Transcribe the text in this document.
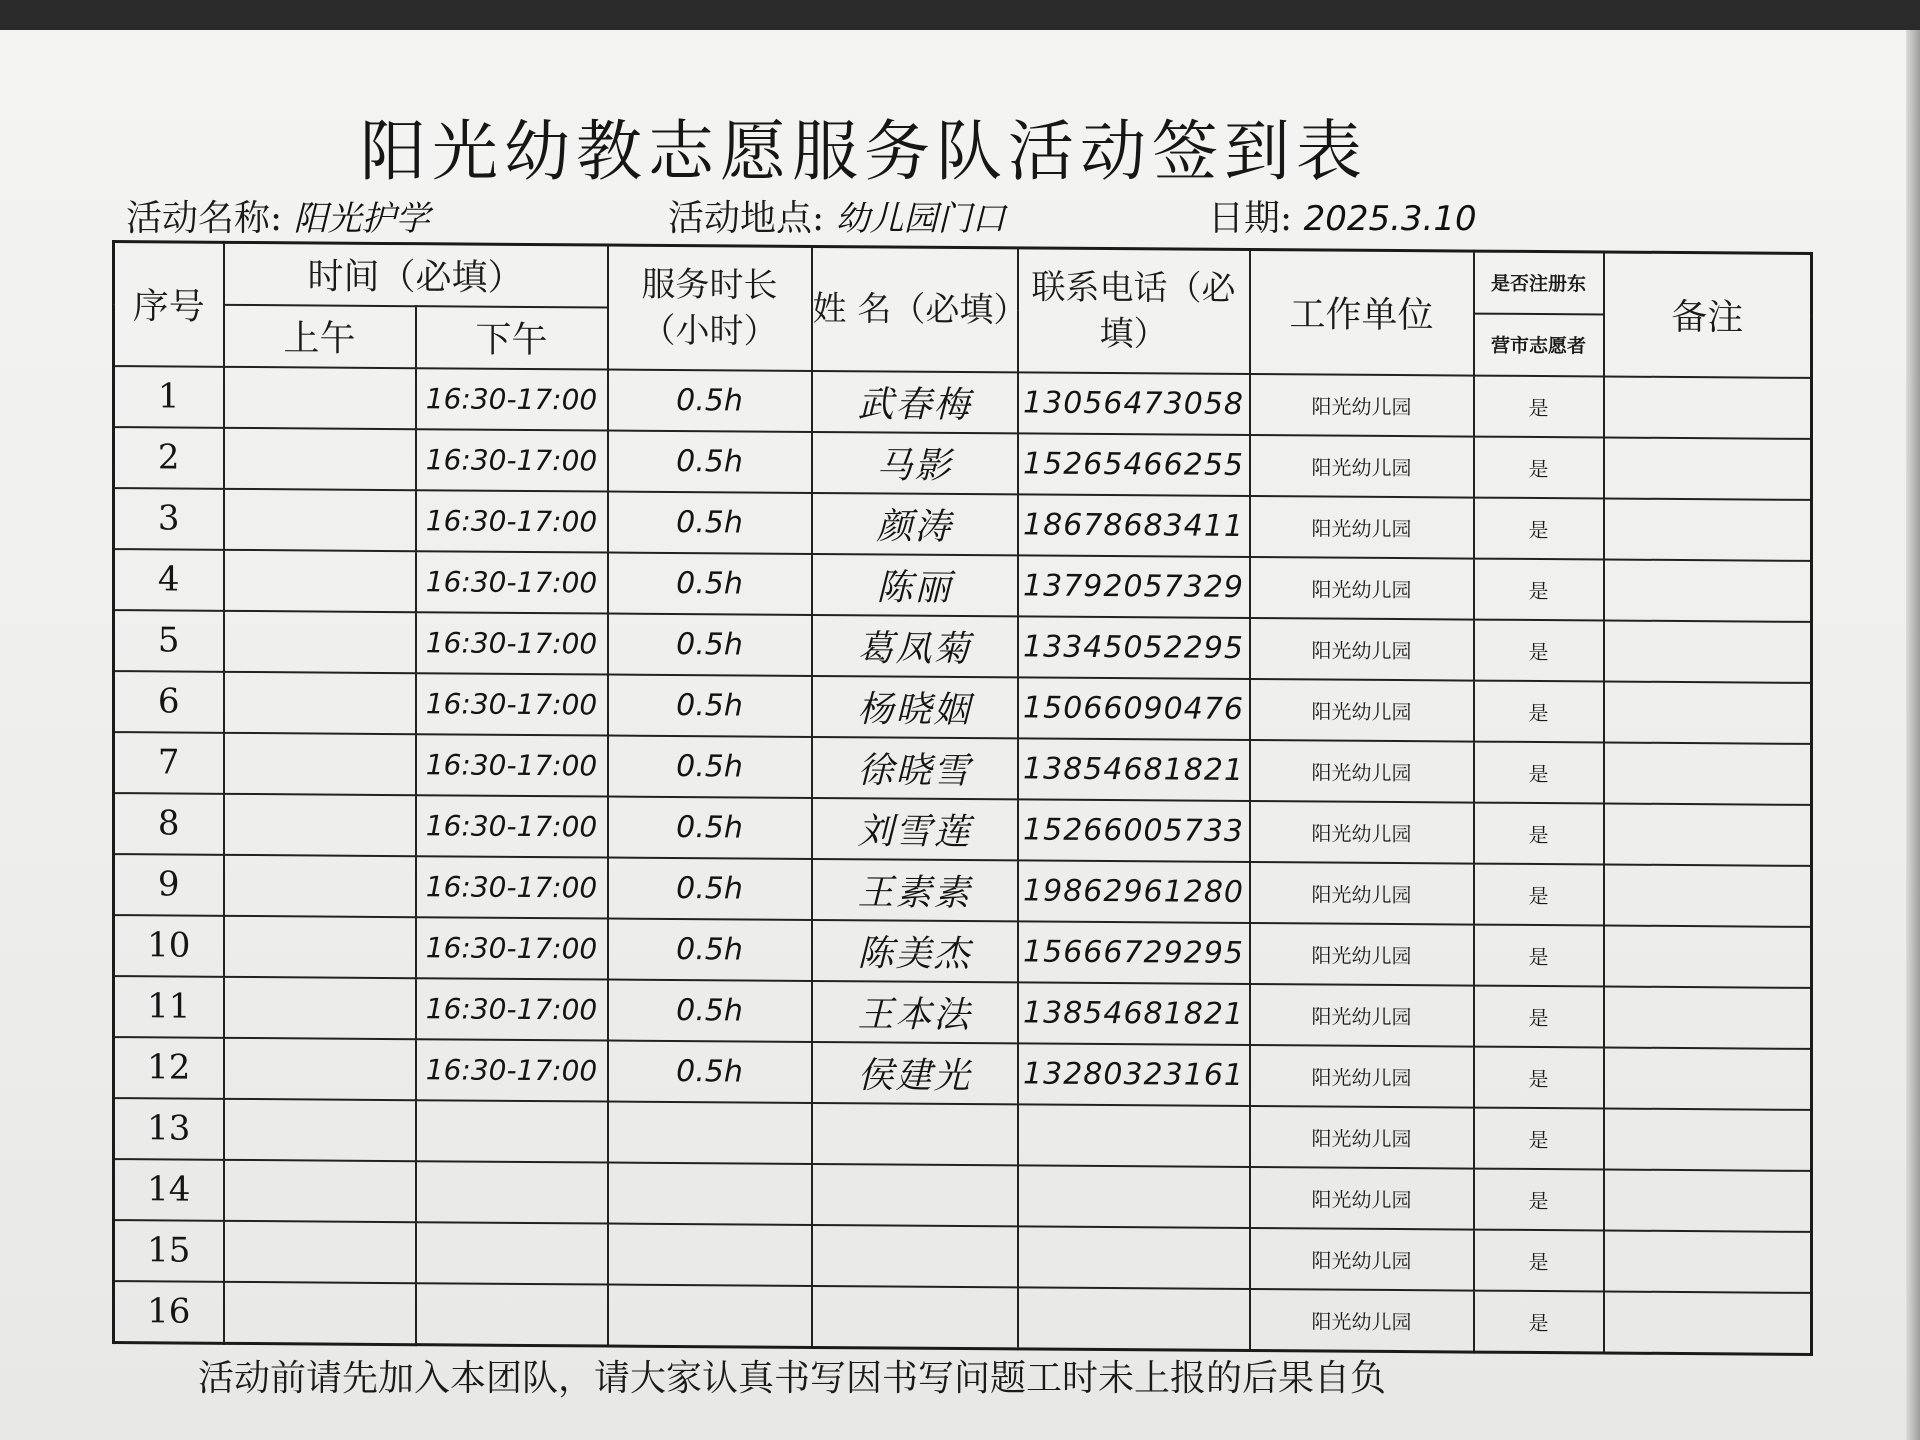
阳光幼教志愿服务队活动签到表
活动名称: 阳光护学	活动地点: 幼儿园门口	日期: 2025.3.10
序号	时间（必填）		服务时长（小时）	姓 名（必填）	联系电话（必填）	工作单位	是否注册东	备注
	上午	下午					营市志愿者	
1		16:30-17:00	0.5h	武春梅	13056473058	阳光幼儿园	是	
2		16:30-17:00	0.5h	马影	15265466255	阳光幼儿园	是	
3		16:30-17:00	0.5h	颜涛	18678683411	阳光幼儿园	是	
4		16:30-17:00	0.5h	陈丽	13792057329	阳光幼儿园	是	
5		16:30-17:00	0.5h	葛凤菊	13345052295	阳光幼儿园	是	
6		16:30-17:00	0.5h	杨晓姻	15066090476	阳光幼儿园	是	
7		16:30-17:00	0.5h	徐晓雪	13854681821	阳光幼儿园	是	
8		16:30-17:00	0.5h	刘雪莲	15266005733	阳光幼儿园	是	
9		16:30-17:00	0.5h	王素素	19862961280	阳光幼儿园	是	
10		16:30-17:00	0.5h	陈美杰	15666729295	阳光幼儿园	是	
11		16:30-17:00	0.5h	王本法	13854681821	阳光幼儿园	是	
12		16:30-17:00	0.5h	侯建光	13280323161	阳光幼儿园	是	
13						阳光幼儿园	是	
14						阳光幼儿园	是	
15						阳光幼儿园	是	
16						阳光幼儿园	是	
活动前请先加入本团队，请大家认真书写因书写问题工时未上报的后果自负
